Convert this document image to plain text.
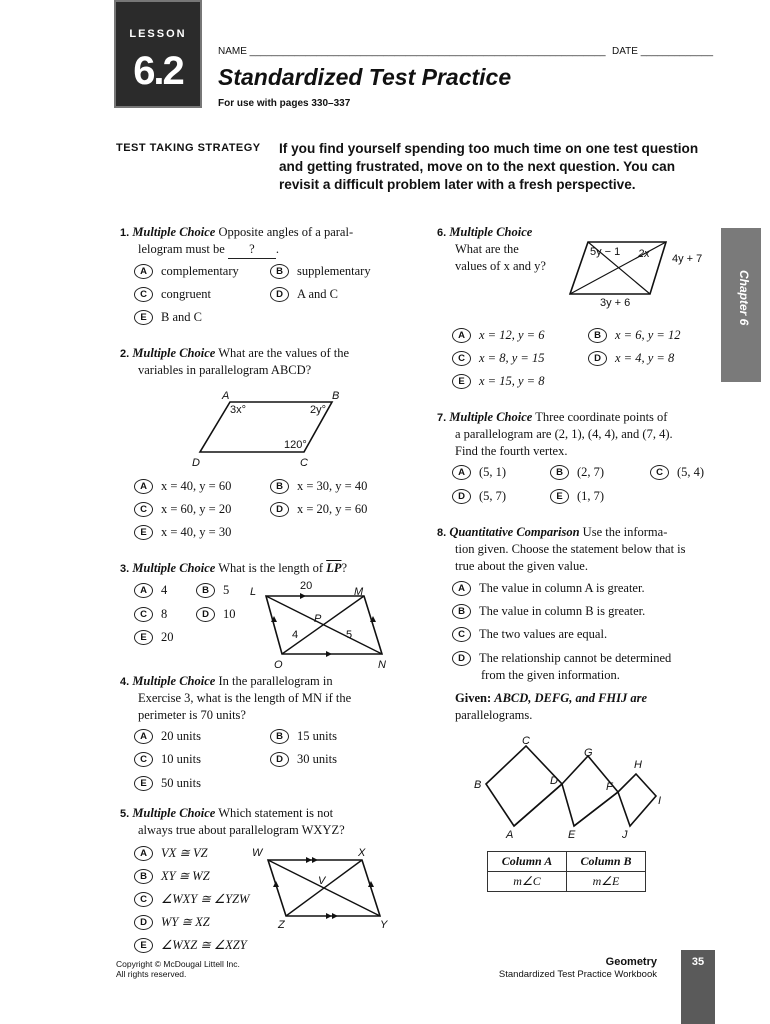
LESSON
6.2	NAME ________________________________________________________________ DATE _____________
Standardized Test Practice
For use with pages 330–337
TEST TAKING STRATEGY If you find yourself spending too much time on one test question and getting frustrated, move on to the next question. You can revisit a difficult problem later with a fresh perspective.
Chapter 6
1. Multiple Choice Opposite angles of a paral-
lelogram must be ? .
A	complementary	B	supplementary
C	congruent	D	A and C
E	B and C
2. Multiple Choice What are the values of the
variables in parallelogram ABCD?
A	B
C
D
3x°	2y°
120°
A	x = 40, y = 60	B	x = 30, y = 40
C	x = 60, y = 20	D	x = 20, y = 60
E	x = 40, y = 30
3. Multiple Choice What is the length of $\overline{LP}$?
A	4	B	5
C	8	D	10
E	20
L	M
N
O
P
20
4	5
4. Multiple Choice In the parallelogram in
Exercise 3, what is the length of MN if the
perimeter is 70 units?
A	20 units	B	15 units
C	10 units	D	30 units
E	50 units
5. Multiple Choice Which statement is not
always true about parallelogram WXYZ?
A	VX ≅ VZ
B	XY ≅ WZ
C	∠WXY ≅ ∠YZW
D	WY ≅ XZ
E	∠WXZ ≅ ∠XZY
W	X
Y
Z
V
6. Multiple Choice
What are the
values of x and y?
5y − 1 2x 4y + 7
3y + 6
A	x = 12, y = 6	B	x = 6, y = 12
C	x = 8, y = 15	D	x = 4, y = 8
E	x = 15, y = 8
7. Multiple Choice Three coordinate points of
a parallelogram are (2, 1), (4, 4), and (7, 4).
Find the fourth vertex.
A	(5, 1)	B	(2, 7)	C	(5, 4)
D	(5, 7)	E	(1, 7)
8. Quantitative Comparison Use the informa-
tion given. Choose the statement below that is
true about the given value.
A	The value in column A is greater.
B	The value in column B is greater.
C	The two values are equal.
D	The relationship cannot be determined
from the given information.
Given: ABCD, DEFG, and FHIJ are
parallelograms.
B
C
D
A	E
G
F
H
I
J
Column A	Column B
m∠C	m∠E
Copyright © McDougal Littell Inc.
All rights reserved.
Geometry
Standardized Test Practice Workbook
35
